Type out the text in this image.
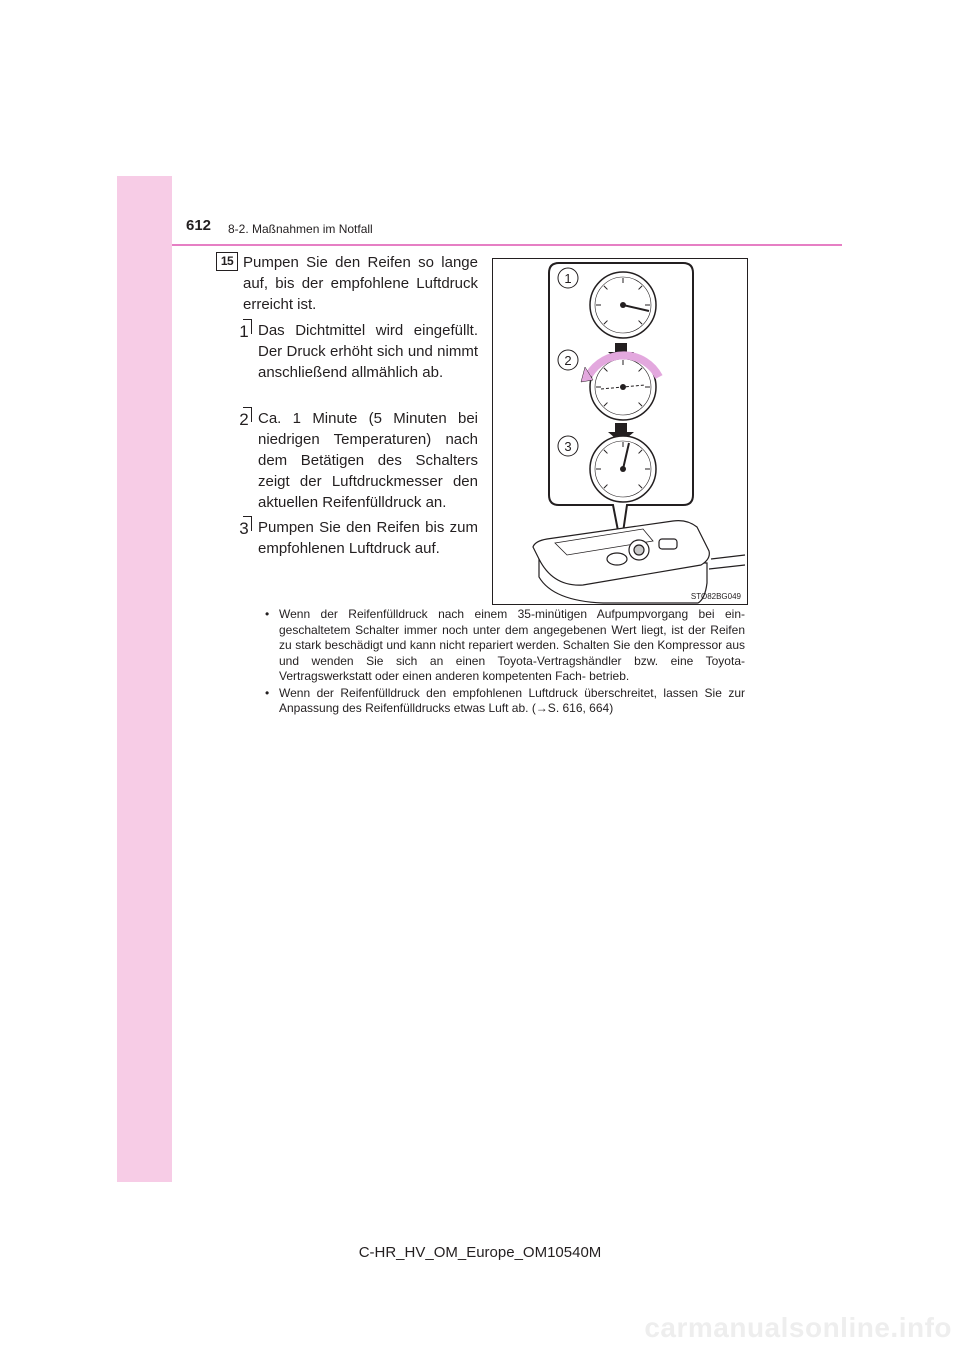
612 8-2. Maßnahmen im Notfall
15 Pumpen Sie den Reifen so lange auf, bis der empfohlene Luftdruck erreicht ist.
1 Das Dichtmittel wird eingefüllt. Der Druck erhöht sich und nimmt anschließend allmählich ab.
2 Ca. 1 Minute (5 Minuten bei niedrigen Temperaturen) nach dem Betätigen des Schalters zeigt der Luftdruckmesser den aktuellen Reifenfülldruck an.
3 Pumpen Sie den Reifen bis zum empfohlenen Luftdruck auf.
1
2
3
STO82BG049
• Wenn der Reifenfülldruck nach einem 35-minütigen Aufpumpvorgang bei ein- geschaltetem Schalter immer noch unter dem angegebenen Wert liegt, ist der Reifen zu stark beschädigt und kann nicht repariert werden. Schalten Sie den Kompressor aus und wenden Sie sich an einen Toyota-Vertragshändler bzw. eine Toyota-Vertragswerkstatt oder einen anderen kompetenten Fach- betrieb.
• Wenn der Reifenfülldruck den empfohlenen Luftdruck überschreitet, lassen Sie zur Anpassung des Reifenfülldrucks etwas Luft ab. (→S. 616, 664)
C-HR_HV_OM_Europe_OM10540M
carmanualsonline.info
